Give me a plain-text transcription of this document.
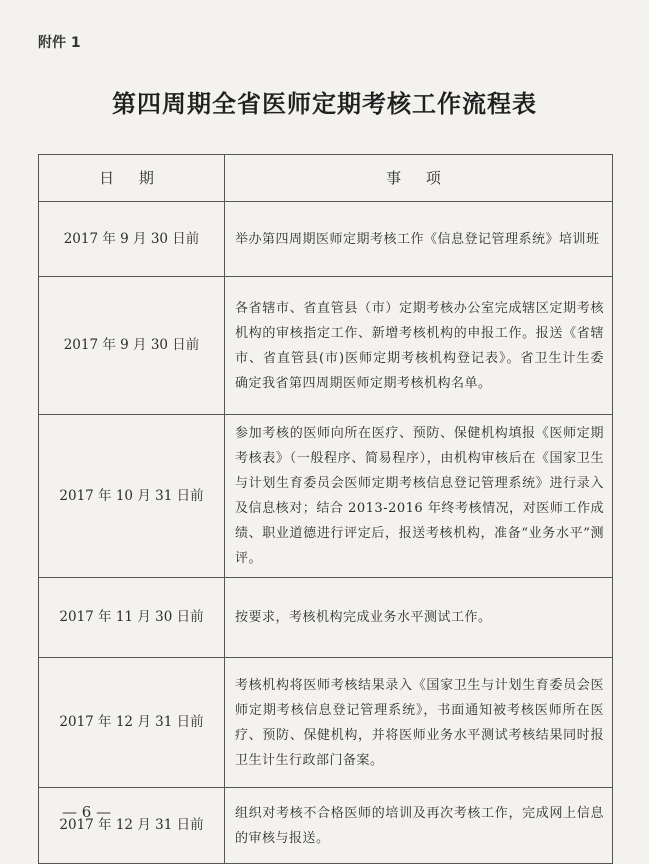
附件 1
第四周期全省医师定期考核工作流程表
日 期	事 项
2017 年 9 月 30 日前	举办第四周期医师定期考核工作《信息登记管理系统》培训班
2017 年 9 月 30 日前	各省辖市、省直管县（市）定期考核办公室完成辖区定期考核机构的审核指定工作、新增考核机构的申报工作。报送《省辖市、省直管县(市)医师定期考核机构登记表》。省卫生计生委确定我省第四周期医师定期考核机构名单。
2017 年 10 月 31 日前	参加考核的医师向所在医疗、预防、保健机构填报《医师定期考核表》（一般程序、简易程序），由机构审核后在《国家卫生与计划生育委员会医师定期考核信息登记管理系统》进行录入及信息核对；结合 2013-2016 年终考核情况，对医师工作成绩、职业道德进行评定后，报送考核机构，准备“业务水平”测评。
2017 年 11 月 30 日前	按要求，考核机构完成业务水平测试工作。
2017 年 12 月 31 日前	考核机构将医师考核结果录入《国家卫生与计划生育委员会医师定期考核信息登记管理系统》，书面通知被考核医师所在医疗、预防、保健机构，并将医师业务水平测试考核结果同时报卫生计生行政部门备案。
2017 年 12 月 31 日前	组织对考核不合格医师的培训及再次考核工作，完成网上信息的审核与报送。
— 6 —
